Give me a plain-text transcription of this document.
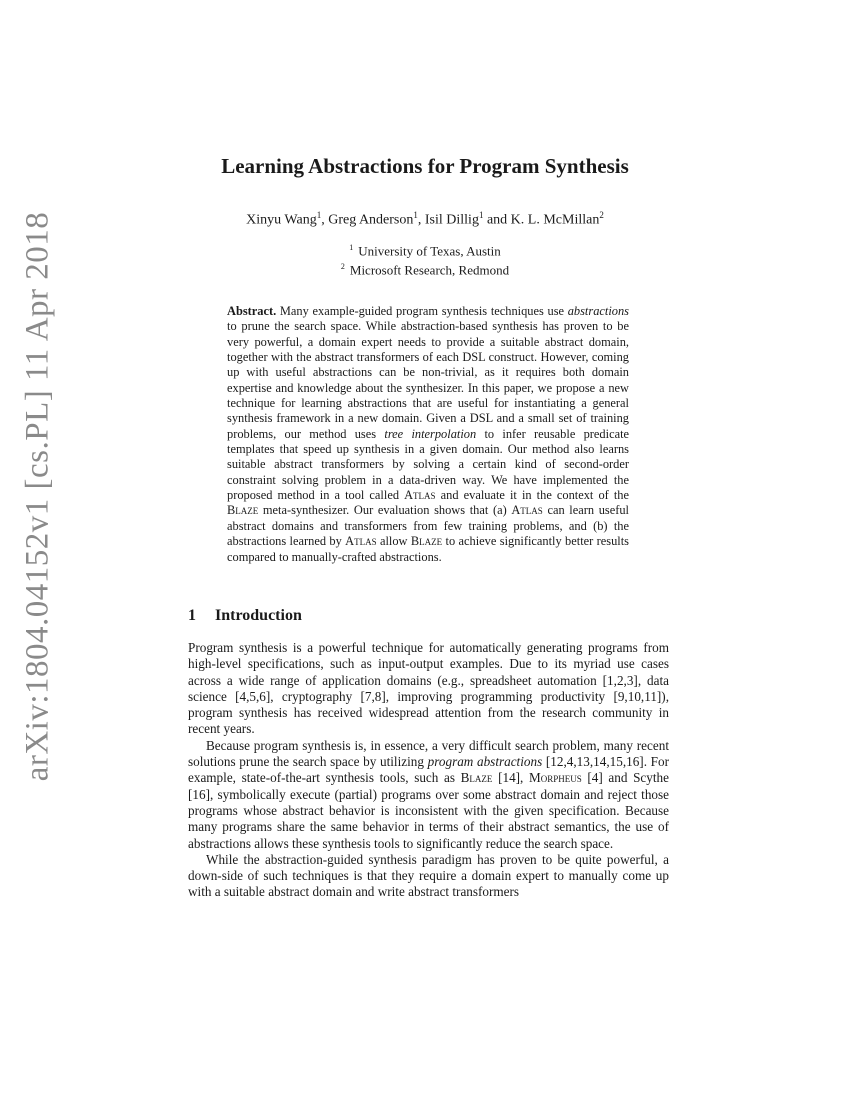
arXiv:1804.04152v1 [cs.PL] 11 Apr 2018
Learning Abstractions for Program Synthesis
Xinyu Wang$^1$, Greg Anderson$^1$, Isil Dillig$^1$ and K. L. McMillan$^2$
$^1$ University of Texas, Austin
$^2$ Microsoft Research, Redmond
Abstract. Many example-guided program synthesis techniques use abstractions to prune the search space. While abstraction-based synthesis has proven to be very powerful, a domain expert needs to provide a suitable abstract domain, together with the abstract transformers of each DSL construct. However, coming up with useful abstractions can be non-trivial, as it requires both domain expertise and knowledge about the synthesizer. In this paper, we propose a new technique for learning abstractions that are useful for instantiating a general synthesis framework in a new domain. Given a DSL and a small set of training problems, our method uses tree interpolation to infer reusable predicate templates that speed up synthesis in a given domain. Our method also learns suitable abstract transformers by solving a certain kind of second-order constraint solving problem in a data-driven way. We have implemented the proposed method in a tool called Atlas and evaluate it in the context of the Blaze meta-synthesizer. Our evaluation shows that (a) Atlas can learn useful abstract domains and transformers from few training problems, and (b) the abstractions learned by Atlas allow Blaze to achieve significantly better results compared to manually-crafted abstractions.
1 Introduction

Program synthesis is a powerful technique for automatically generating programs from high-level specifications, such as input-output examples. Due to its myriad use cases across a wide range of application domains (e.g., spreadsheet automation [1,2,3], data science [4,5,6], cryptography [7,8], improving programming productivity [9,10,11]), program synthesis has received widespread attention from the research community in recent years.

Because program synthesis is, in essence, a very difficult search problem, many recent solutions prune the search space by utilizing program abstractions [12,4,13,14,15,16]. For example, state-of-the-art synthesis tools, such as Blaze [14], Morpheus [4] and Scythe [16], symbolically execute (partial) programs over some abstract domain and reject those programs whose abstract behavior is inconsistent with the given specification. Because many programs share the same behavior in terms of their abstract semantics, the use of abstractions allows these synthesis tools to significantly reduce the search space.

While the abstraction-guided synthesis paradigm has proven to be quite powerful, a down-side of such techniques is that they require a domain expert to manually come up with a suitable abstract domain and write abstract transformers
